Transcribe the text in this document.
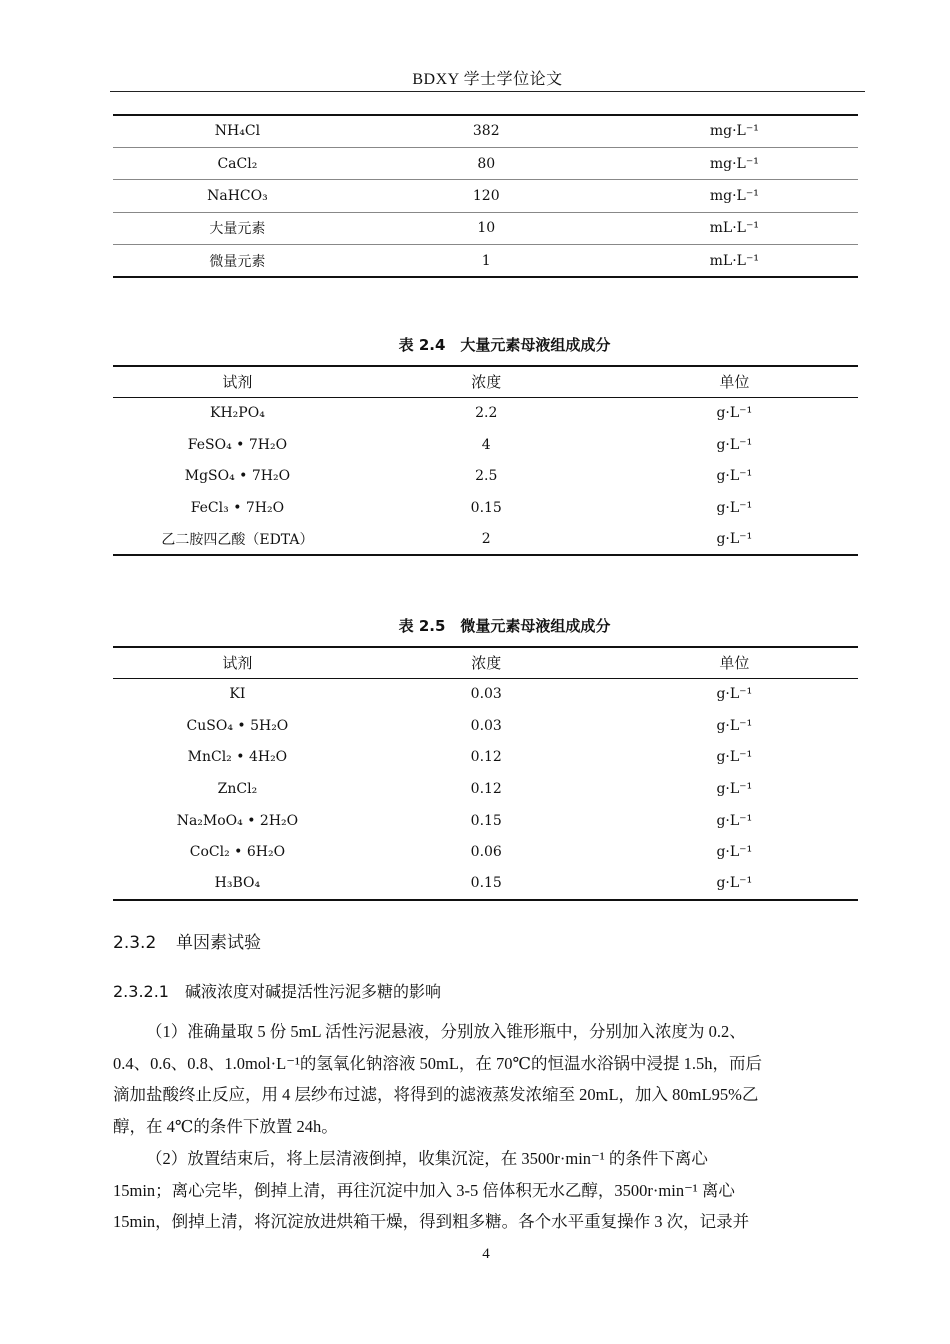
BDXY 学士学位论文
NH₄Cl	382	mg·L⁻¹
CaCl₂	80	mg·L⁻¹
NaHCO₃	120	mg·L⁻¹
大量元素	10	mL·L⁻¹
微量元素	1	mL·L⁻¹
表 2.4　大量元素母液组成成分
试剂	浓度	单位
KH₂PO₄	2.2	g·L⁻¹
FeSO₄ • 7H₂O	4	g·L⁻¹
MgSO₄ • 7H₂O	2.5	g·L⁻¹
FeCl₃ • 7H₂O	0.15	g·L⁻¹
乙二胺四乙酸（EDTA）	2	g·L⁻¹
表 2.5　微量元素母液组成成分
试剂	浓度	单位
KI	0.03	g·L⁻¹
CuSO₄ • 5H₂O	0.03	g·L⁻¹
MnCl₂ • 4H₂O	0.12	g·L⁻¹
ZnCl₂	0.12	g·L⁻¹
Na₂MoO₄ • 2H₂O	0.15	g·L⁻¹
CoCl₂ • 6H₂O	0.06	g·L⁻¹
H₃BO₄	0.15	g·L⁻¹
2.3.2 单因素试验
2.3.2.1 碱液浓度对碱提活性污泥多糖的影响
（1）准确量取 5 份 5mL 活性污泥悬液，分别放入锥形瓶中，分别加入浓度为 0.2、
0.4、0.6、0.8、1.0mol·L⁻¹的氢氧化钠溶液 50mL，在 70℃的恒温水浴锅中浸提 1.5h，而后
滴加盐酸终止反应，用 4 层纱布过滤，将得到的滤液蒸发浓缩至 20mL，加入 80mL95%乙
醇，在 4℃的条件下放置 24h。
（2）放置结束后，将上层清液倒掉，收集沉淀，在 3500r·min⁻¹ 的条件下离心
15min；离心完毕，倒掉上清，再往沉淀中加入 3-5 倍体积无水乙醇，3500r·min⁻¹ 离心
15min，倒掉上清，将沉淀放进烘箱干燥，得到粗多糖。各个水平重复操作 3 次，记录并
4
